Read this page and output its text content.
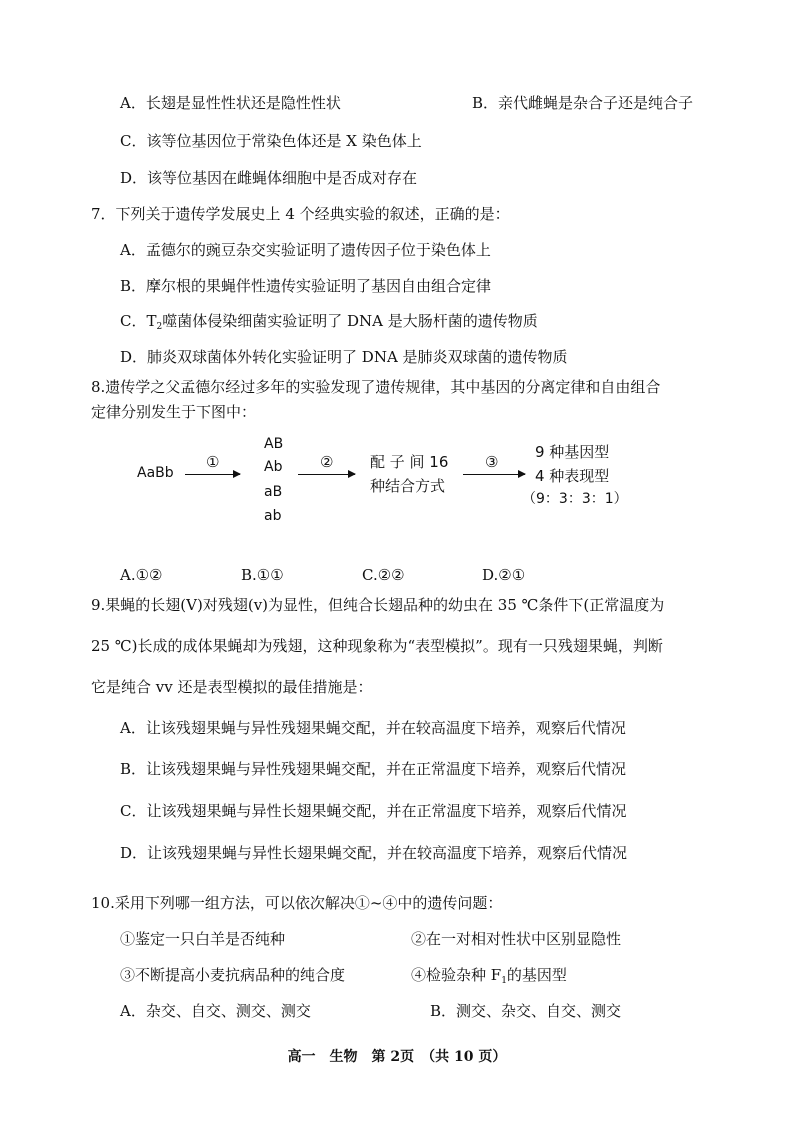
A．长翅是显性性状还是隐性性状	B．亲代雌蝇是杂合子还是纯合子
C．该等位基因位于常染色体还是 X 染色体上
D．该等位基因在雌蝇体细胞中是否成对存在
7．下列关于遗传学发展史上 4 个经典实验的叙述，正确的是：
A．孟德尔的豌豆杂交实验证明了遗传因子位于染色体上
B．摩尔根的果蝇伴性遗传实验证明了基因自由组合定律
C．$T_2$噬菌体侵染细菌实验证明了 DNA 是大肠杆菌的遗传物质
D．肺炎双球菌体外转化实验证明了 DNA 是肺炎双球菌的遗传物质
8.遗传学之父孟德尔经过多年的实验发现了遗传规律，其中基因的分离定律和自由组合
定律分别发生于下图中：
AaBb
①
AB
Ab
aB
ab
② 配 子 间 16
种结合方式
③
9 种基因型
4 种表现型
（9：3：3：1）
A.①②	B.①①	C.②②	D.②①
9.果蝇的长翅(V)对残翅(v)为显性，但纯合长翅品种的幼虫在 35 ℃条件下(正常温度为
25 ℃)长成的成体果蝇却为残翅，这种现象称为“表型模拟”。现有一只残翅果蝇，判断
它是纯合 vv 还是表型模拟的最佳措施是：
A．让该残翅果蝇与异性残翅果蝇交配，并在较高温度下培养，观察后代情况
B．让该残翅果蝇与异性残翅果蝇交配，并在正常温度下培养，观察后代情况
C．让该残翅果蝇与异性长翅果蝇交配，并在正常温度下培养，观察后代情况
D．让该残翅果蝇与异性长翅果蝇交配，并在较高温度下培养，观察后代情况
10.采用下列哪一组方法，可以依次解决①~④中的遗传问题：
①鉴定一只白羊是否纯种	②在一对相对性状中区别显隐性
③不断提高小麦抗病品种的纯合度	④检验杂种 $F_1$的基因型
A．杂交、自交、测交、测交	B．测交、杂交、自交、测交
高一　生物　第 2页　（共 10 页）
